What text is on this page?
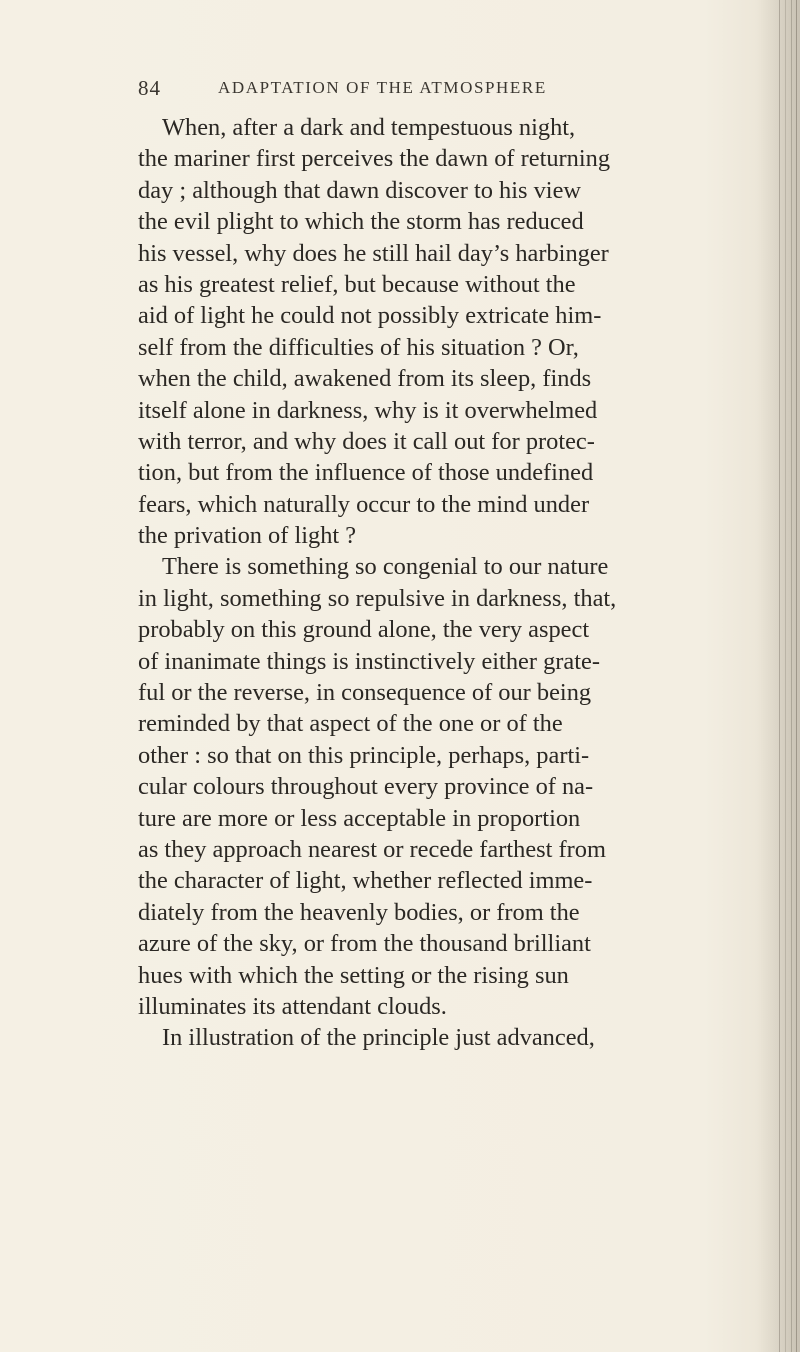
84	ADAPTATION OF THE ATMOSPHERE
When, after a dark and tempestuous night,
the mariner first perceives the dawn of returning
day ; although that dawn discover to his view
the evil plight to which the storm has reduced
his vessel, why does he still hail day’s harbinger
as his greatest relief, but because without the
aid of light he could not possibly extricate him-
self from the difficulties of his situation ? Or,
when the child, awakened from its sleep, finds
itself alone in darkness, why is it overwhelmed
with terror, and why does it call out for protec-
tion, but from the influence of those undefined
fears, which naturally occur to the mind under
the privation of light ?
There is something so congenial to our nature
in light, something so repulsive in darkness, that,
probably on this ground alone, the very aspect
of inanimate things is instinctively either grate-
ful or the reverse, in consequence of our being
reminded by that aspect of the one or of the
other : so that on this principle, perhaps, parti-
cular colours throughout every province of na-
ture are more or less acceptable in proportion
as they approach nearest or recede farthest from
the character of light, whether reflected imme-
diately from the heavenly bodies, or from the
azure of the sky, or from the thousand brilliant
hues with which the setting or the rising sun
illuminates its attendant clouds.
In illustration of the principle just advanced,
